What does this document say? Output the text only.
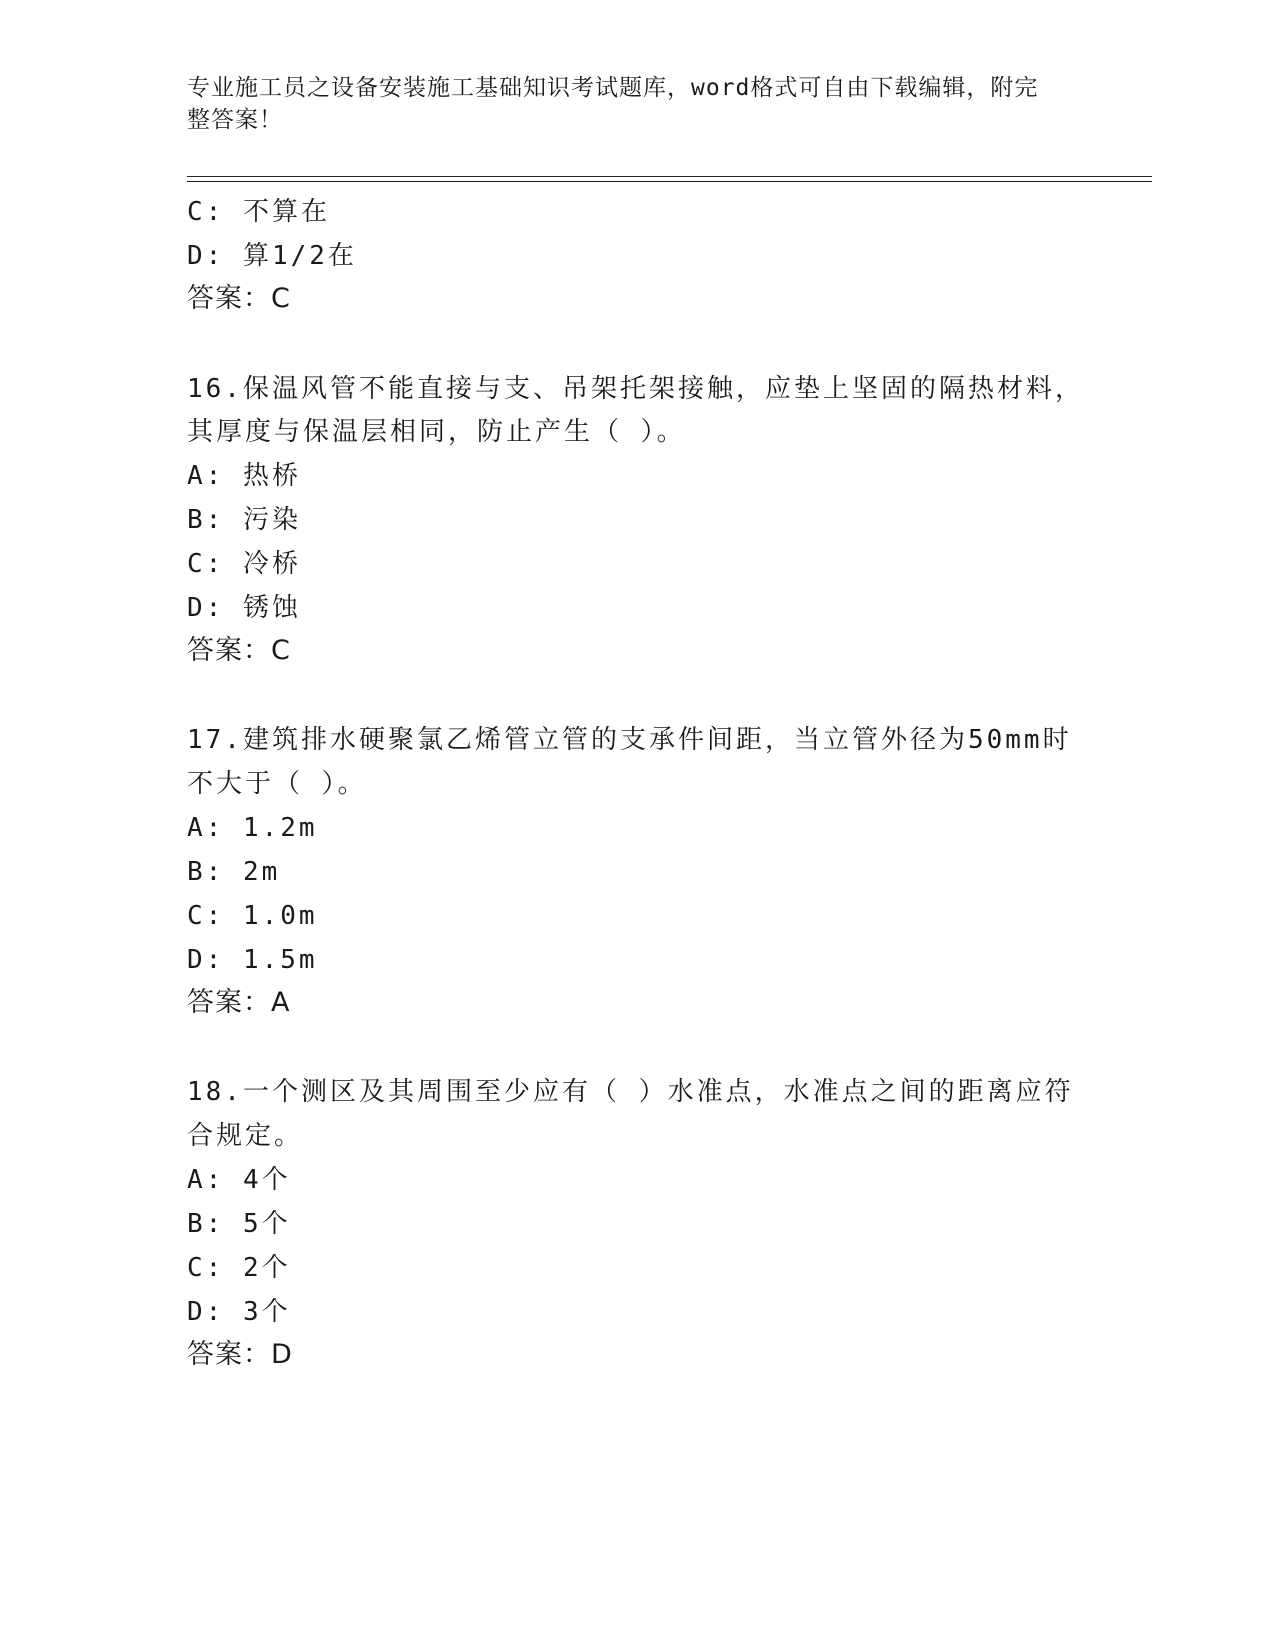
专业施工员之设备安装施工基础知识考试题库，word格式可自由下载编辑，附完
整答案！
C: 不算在
D: 算1/2在
答案：C
16.保温风管不能直接与支、吊架托架接触，应垫上坚固的隔热材料，
其厚度与保温层相同，防止产生（ ）。
A: 热桥
B: 污染
C: 冷桥
D: 锈蚀
答案：C
17.建筑排水硬聚氯乙烯管立管的支承件间距，当立管外径为50mm时
不大于（ ）。
A: 1.2m
B: 2m
C: 1.0m
D: 1.5m
答案：A
18.一个测区及其周围至少应有（ ）水准点，水准点之间的距离应符
合规定。
A: 4个
B: 5个
C: 2个
D: 3个
答案：D
